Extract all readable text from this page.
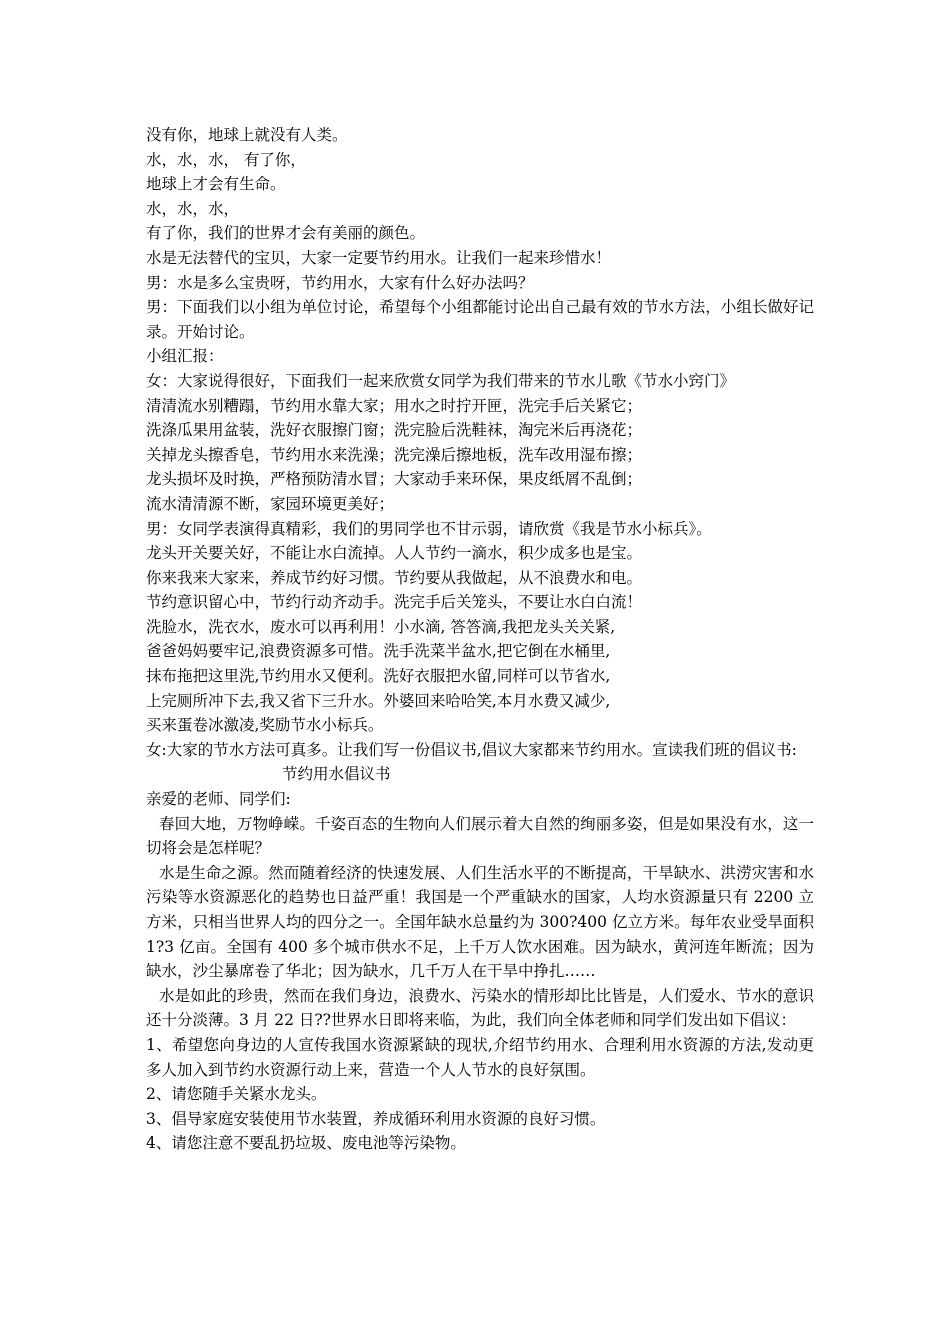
没有你，地球上就没有人类。

水，水，水， 有了你，

地球上才会有生命。

水，水，水，

有了你，我们的世界才会有美丽的颜色。

水是无法替代的宝贝，大家一定要节约用水。让我们一起来珍惜水！

男：水是多么宝贵呀，节约用水，大家有什么好办法吗？

男：下面我们以小组为单位讨论，希望每个小组都能讨论出自己最有效的节水方法，小组长做好记录。开始讨论。

小组汇报：

女：大家说得很好，下面我们一起来欣赏女同学为我们带来的节水儿歌《节水小窍门》

清清流水别糟蹋，节约用水靠大家；用水之时拧开匣，洗完手后关紧它；

洗涤瓜果用盆装，洗好衣服擦门窗；洗完脸后洗鞋袜，淘完米后再浇花；

关掉龙头擦香皂，节约用水来洗澡；洗完澡后擦地板，洗车改用湿布擦；

龙头损坏及时换，严格预防清水冒；大家动手来环保，果皮纸屑不乱倒；

流水清清源不断，家园环境更美好；

男：女同学表演得真精彩，我们的男同学也不甘示弱，请欣赏《我是节水小标兵》。

龙头开关要关好，不能让水白流掉。人人节约一滴水，积少成多也是宝。

你来我来大家来，养成节约好习惯。节约要从我做起，从不浪费水和电。

节约意识留心中，节约行动齐动手。洗完手后关笼头，不要让水白白流！

洗脸水，洗衣水，废水可以再利用！小水滴, 答答滴,我把龙头关关紧,

爸爸妈妈要牢记,浪费资源多可惜。洗手洗菜半盆水,把它倒在水桶里,

抹布拖把这里洗,节约用水又便利。洗好衣服把水留,同样可以节省水,

上完厕所冲下去,我又省下三升水。外婆回来哈哈笑,本月水费又减少,

买来蛋卷冰激凌,奖励节水小标兵。

女:大家的节水方法可真多。让我们写一份倡议书,倡议大家都来节约用水。宣读我们班的倡议书:

节约用水倡议书

亲爱的老师、同学们:

春回大地，万物峥嵘。千姿百态的生物向人们展示着大自然的绚丽多姿，但是如果没有水，这一切将会是怎样呢？

水是生命之源。然而随着经济的快速发展、人们生活水平的不断提高，干旱缺水、洪涝灾害和水污染等水资源恶化的趋势也日益严重！我国是一个严重缺水的国家，人均水资源量只有 2200 立方米，只相当世界人均的四分之一。全国年缺水总量约为 300?400 亿立方米。每年农业受旱面积 1?3 亿亩。全国有 400 多个城市供水不足，上千万人饮水困难。因为缺水，黄河连年断流；因为缺水，沙尘暴席卷了华北；因为缺水，几千万人在干旱中挣扎……

水是如此的珍贵，然而在我们身边，浪费水、污染水的情形却比比皆是，人们爱水、节水的意识还十分淡薄。3 月 22 日??世界水日即将来临，为此，我们向全体老师和同学们发出如下倡议：

1、希望您向身边的人宣传我国水资源紧缺的现状,介绍节约用水、合理利用水资源的方法,发动更多人加入到节约水资源行动上来，营造一个人人节水的良好氛围。

2、请您随手关紧水龙头。

3、倡导家庭安装使用节水装置，养成循环利用水资源的良好习惯。

4、请您注意不要乱扔垃圾、废电池等污染物。
